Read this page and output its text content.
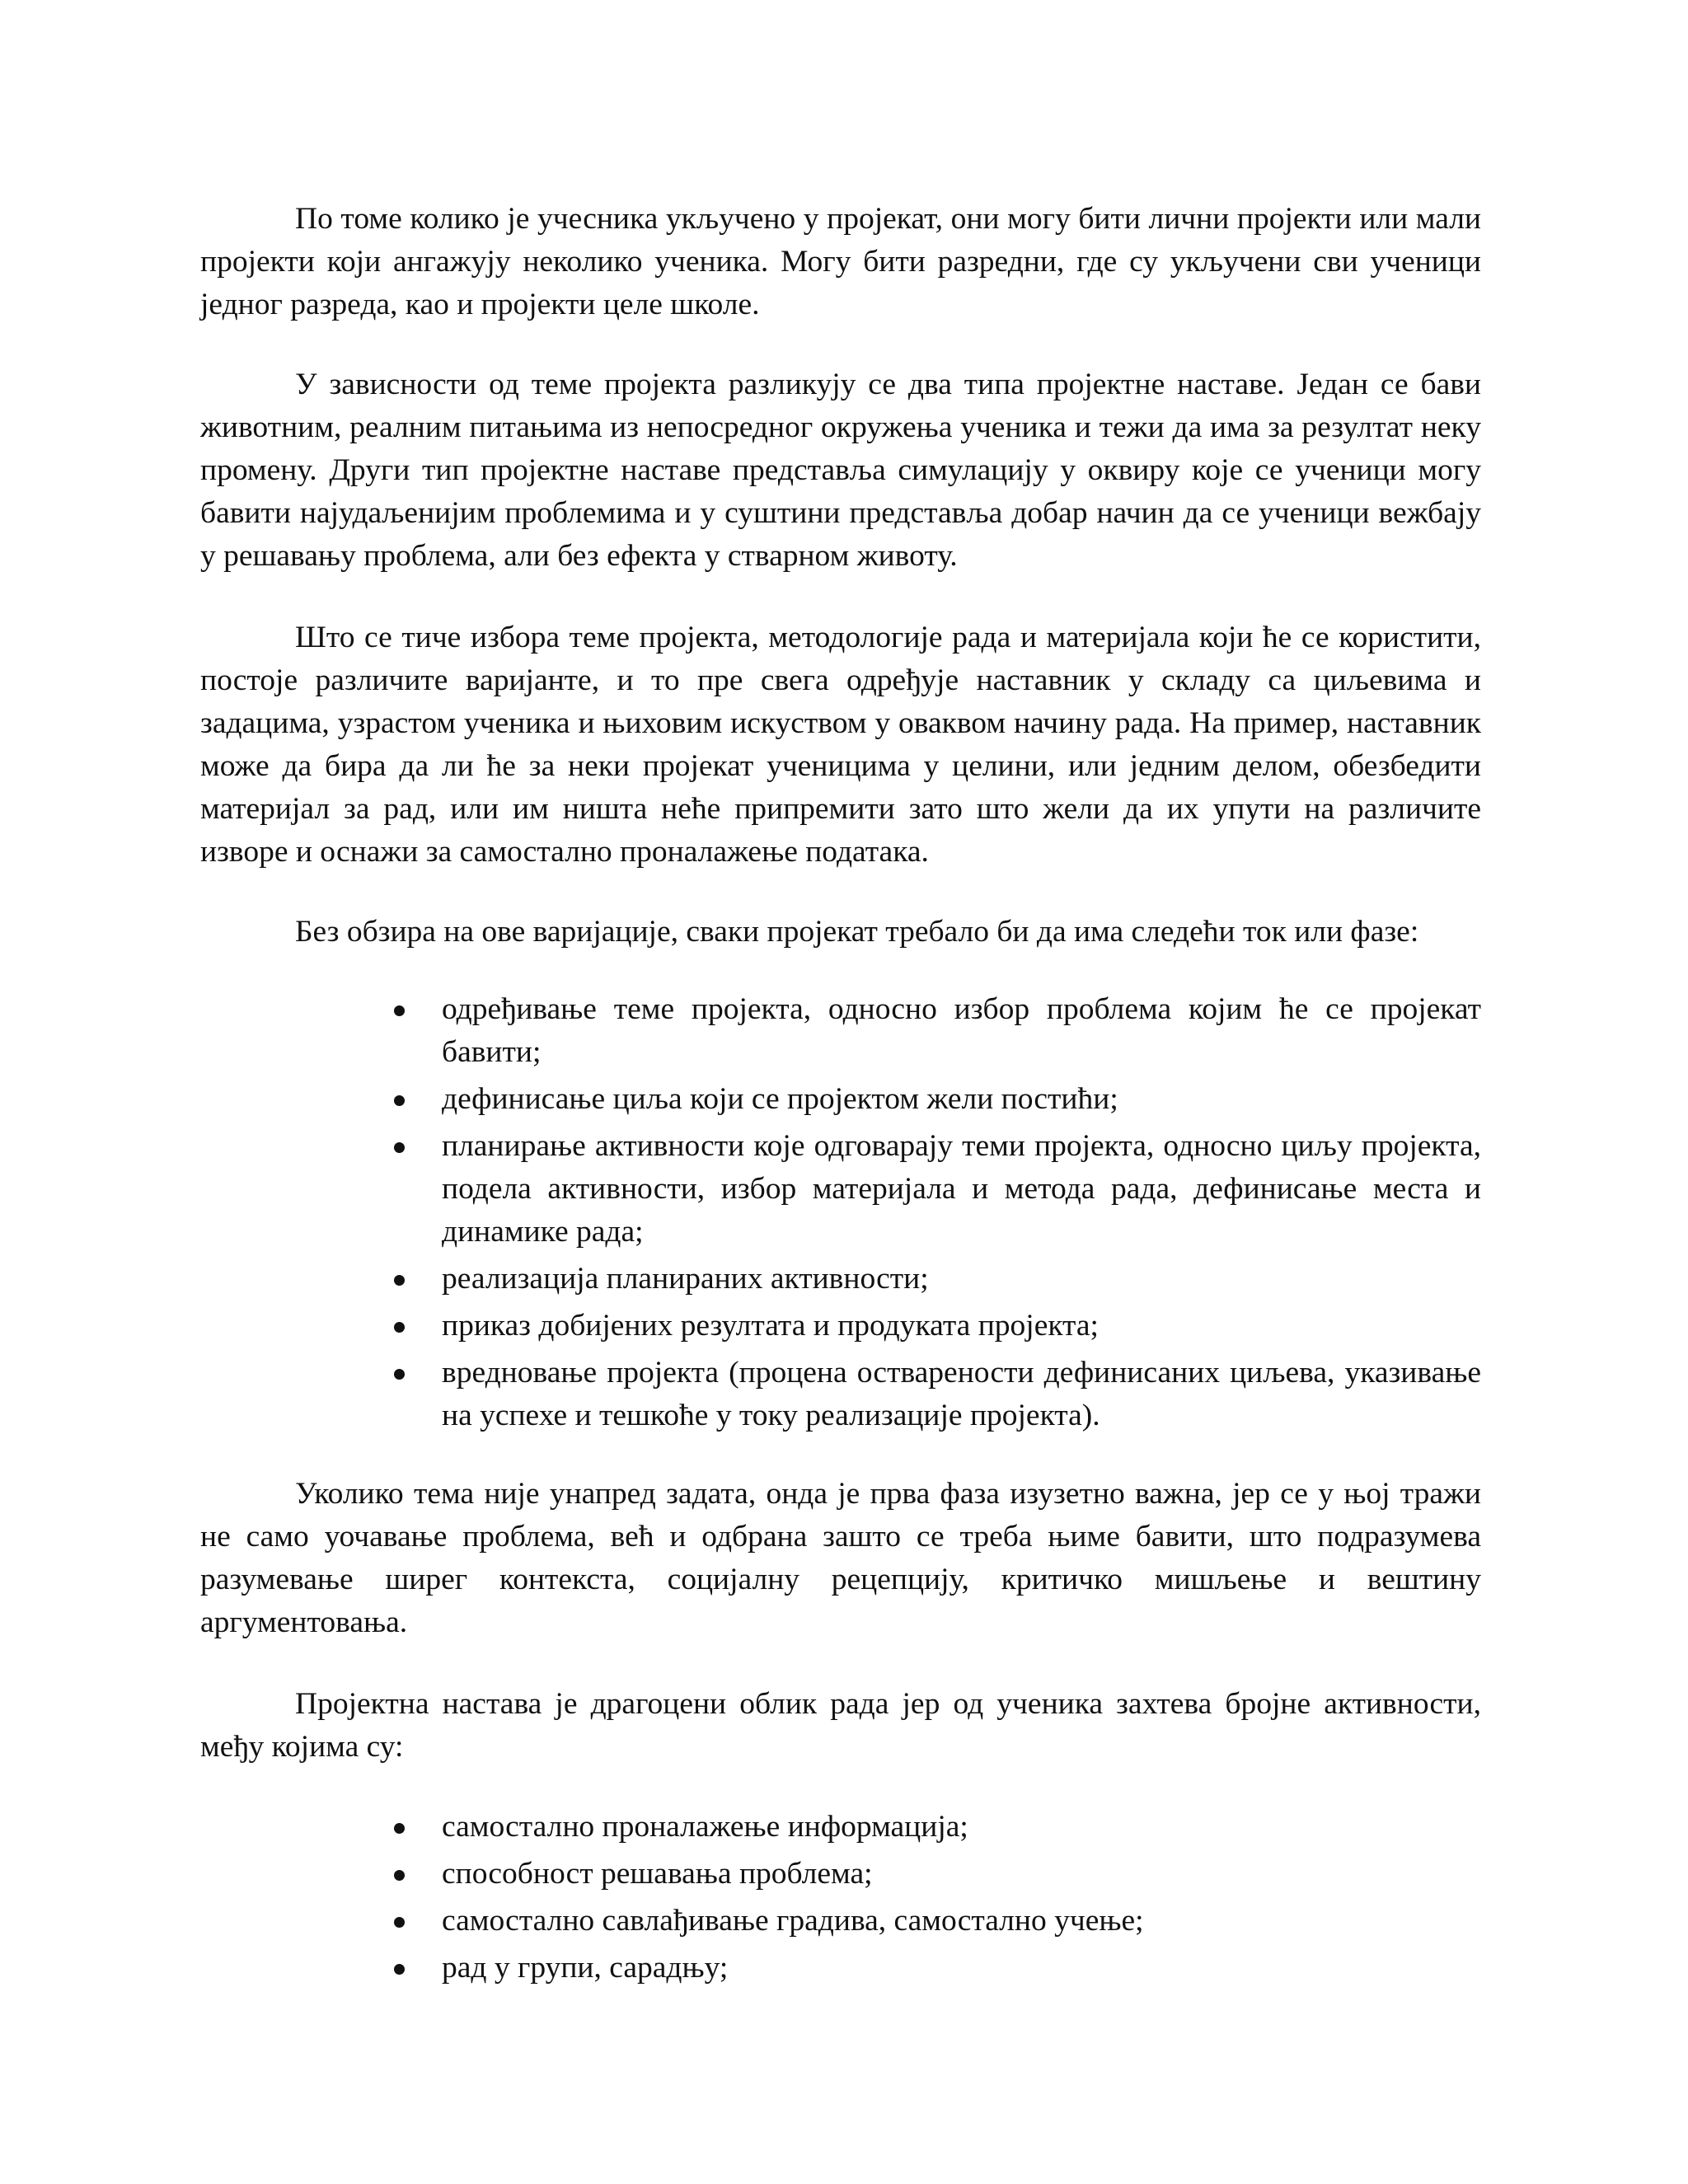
По томе колико је учесника укључено у пројекат, они могу бити лични пројекти или мали пројекти који ангажују неколико ученика. Могу бити разредни, где су укључени сви ученици једног разреда, као и пројекти целе школе.

У зависности од теме пројекта разликују се два типа пројектне наставе. Један се бави животним, реалним питањима из непосредног окружења ученика и тежи да има за резултат неку промену. Други тип пројектне наставе представља симулацију у оквиру које се ученици могу бавити најудаљенијим проблемима и у суштини представља добар начин да се ученици вежбају у решавању проблема, али без ефекта у стварном животу.

Што се тиче избора теме пројекта, методологије рада и материјала који ће се користити, постоје различите варијанте, и то пре свега одређује наставник у складу са циљевима и задацима, узрастом ученика и њиховим искуством у оваквом начину рада. На пример, наставник може да бира да ли ће за неки пројекат ученицима у целини, или једним делом, обезбедити материјал за рад, или им ништа неће припремити зато што жели да их упути на различите изворе и оснажи за самостално проналажење података.

Без обзира на ове варијације, сваки пројекат требало би да има следећи ток или фазе:

одређивање теме пројекта, односно избор проблема којим ће се пројекат бавити;
дефинисање циља који се пројектом жели постићи;
планирање активности које одговарају теми пројекта, односно циљу пројекта, подела активности, избор материјала и метода рада, дефинисање места и динамике рада;
реализација планираних активности;
приказ добијених резултата и продуката пројекта;
вредновање пројекта (процена остварености дефинисаних циљева, указивање на успехе и тешкоће у току реализације пројекта).

Уколико тема није унапред задата, онда је прва фаза изузетно важна, јер се у њој тражи не само уочавање проблема, већ и одбрана зашто се треба њиме бавити, што подразумева разумевање ширег контекста, социјалну рецепцију, критичко мишљење и вештину аргументовања.

Пројектна настава је драгоцени облик рада јер од ученика захтева бројне активности, међу којима су:

самостално проналажење информација;
способност решавања проблема;
самостално савлађивање градива, самостално учење;
рад у групи, сарадњу;
